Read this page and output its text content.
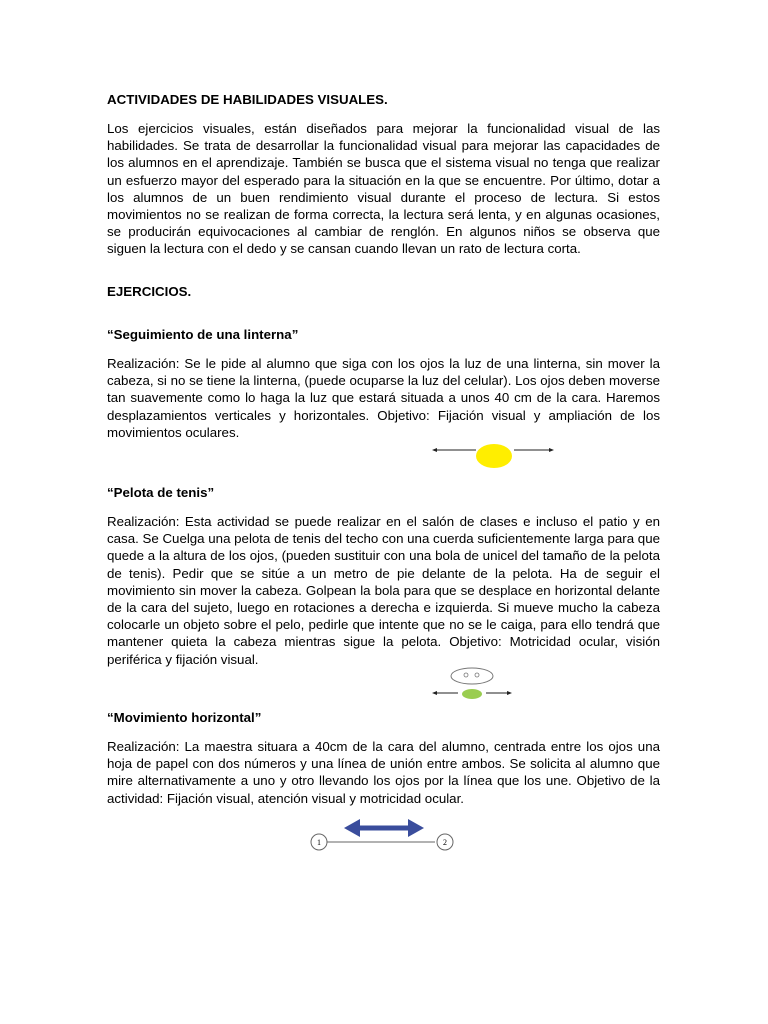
ACTIVIDADES DE HABILIDADES VISUALES.

Los ejercicios visuales, están diseñados para mejorar la funcionalidad visual de las habilidades. Se trata de desarrollar la funcionalidad visual para mejorar las capacidades de los alumnos en el aprendizaje. También se busca que el sistema visual no tenga que realizar un esfuerzo mayor del esperado para la situación en la que se encuentre. Por último, dotar a los alumnos de un buen rendimiento visual durante el proceso de lectura. Si estos movimientos no se realizan de forma correcta, la lectura será lenta, y en algunas ocasiones, se producirán equivocaciones al cambiar de renglón. En algunos niños se observa que siguen la lectura con el dedo y se cansan cuando llevan un rato de lectura corta.

EJERCICIOS.
“Seguimiento de una linterna”

Realización: Se le pide al alumno que siga con los ojos la luz de una linterna, sin mover la cabeza, si no se tiene la linterna, (puede ocuparse la luz del celular). Los ojos deben moverse tan suavemente como lo haga la luz que estará situada a unos 40 cm de la cara. Haremos desplazamientos verticales y horizontales. Objetivo: Fijación visual y ampliación de los movimientos oculares.

“Pelota de tenis”

Realización: Esta actividad se puede realizar en el salón de clases e incluso el patio y en casa. Se Cuelga una pelota de tenis del techo con una cuerda suficientemente larga para que quede a la altura de los ojos, (pueden sustituir con una bola de unicel del tamaño de la pelota de tenis). Pedir que se sitúe a un metro de pie delante de la pelota. Ha de seguir el movimiento sin mover la cabeza. Golpean la bola para que se desplace en horizontal delante de la cara del sujeto, luego en rotaciones a derecha e izquierda. Si mueve mucho la cabeza colocarle un objeto sobre el pelo, pedirle que intente que no se le caiga, para ello tendrá que mantener quieta la cabeza mientras sigue la pelota. Objetivo: Motricidad ocular, visión periférica y fijación visual.

“Movimiento horizontal”

Realización: La maestra situara a 40cm de la cara del alumno, centrada entre los ojos una hoja de papel con dos números y una línea de unión entre ambos. Se solicita al alumno que mire alternativamente a uno y otro llevando los ojos por la línea que los une. Objetivo de la actividad: Fijación visual, atención visual y motricidad ocular.

1	2
